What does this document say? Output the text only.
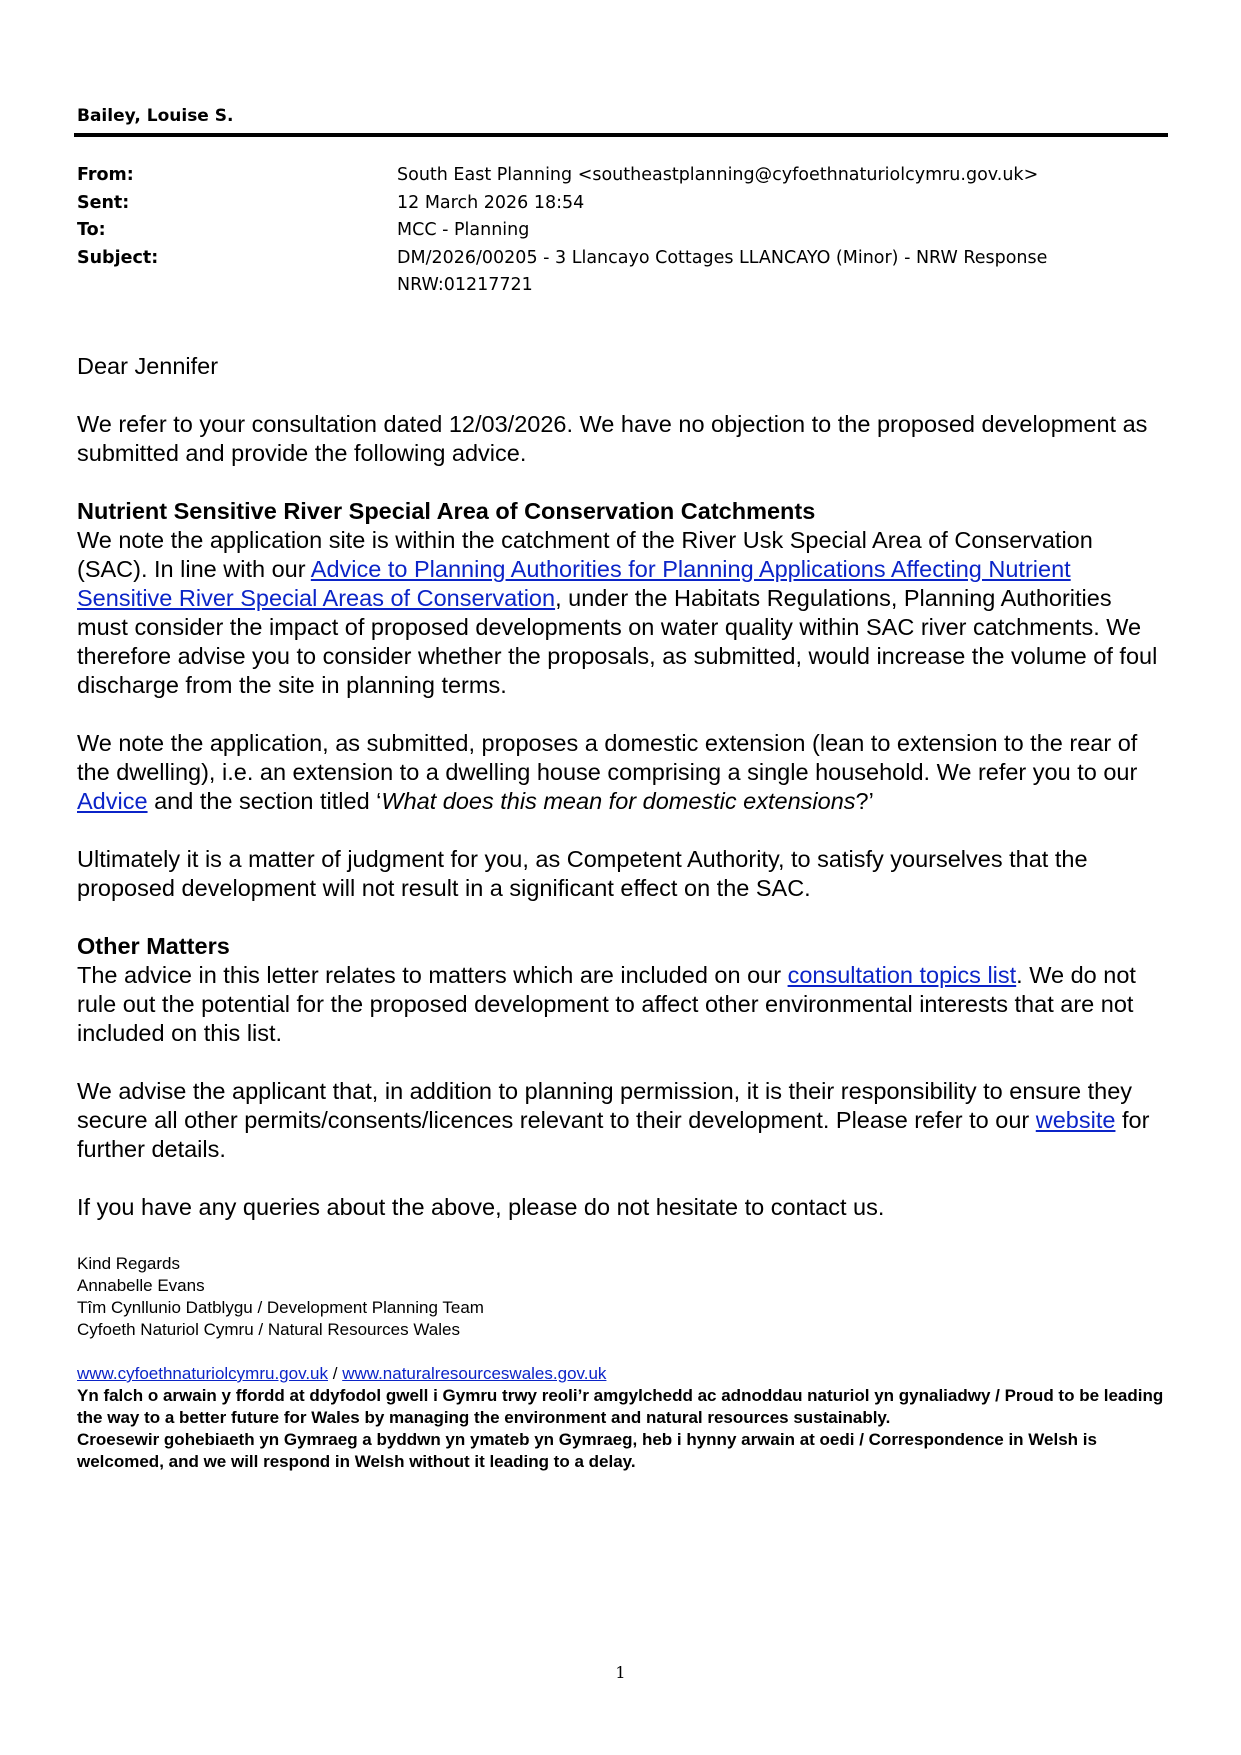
Bailey, Louise S.
From:	South East Planning <southeastplanning@cyfoethnaturiolcymru.gov.uk>
Sent:	12 March 2026 18:54
To:	MCC - Planning
Subject:	DM/2026/00205 - 3 Llancayo Cottages LLANCAYO (Minor) - NRW Response
NRW:01217721

Dear Jennifer

We refer to your consultation dated 12/03/2026. We have no objection to the proposed development as submitted and provide the following advice.

Nutrient Sensitive River Special Area of Conservation Catchments

We note the application site is within the catchment of the River Usk Special Area of Conservation (SAC). In line with our Advice to Planning Authorities for Planning Applications Affecting Nutrient Sensitive River Special Areas of Conservation, under the Habitats Regulations, Planning Authorities must consider the impact of proposed developments on water quality within SAC river catchments. We therefore advise you to consider whether the proposals, as submitted, would increase the volume of foul discharge from the site in planning terms.

We note the application, as submitted, proposes a domestic extension (lean to extension to the rear of the dwelling), i.e. an extension to a dwelling house comprising a single household. We refer you to our Advice and the section titled ‘What does this mean for domestic extensions?’

Ultimately it is a matter of judgment for you, as Competent Authority, to satisfy yourselves that the proposed development will not result in a significant effect on the SAC.

Other Matters

The advice in this letter relates to matters which are included on our consultation topics list. We do not rule out the potential for the proposed development to affect other environmental interests that are not included on this list.

We advise the applicant that, in addition to planning permission, it is their responsibility to ensure they secure all other permits/consents/licences relevant to their development. Please refer to our website for further details.

If you have any queries about the above, please do not hesitate to contact us.

Kind Regards
Annabelle Evans
Tîm Cynllunio Datblygu / Development Planning Team
Cyfoeth Naturiol Cymru / Natural Resources Wales
www.cyfoethnaturiolcymru.gov.uk / www.naturalresourceswales.gov.uk
Yn falch o arwain y ffordd at ddyfodol gwell i Gymru trwy reoli’r amgylchedd ac adnoddau naturiol yn gynaliadwy / Proud to be leading the way to a better future for Wales by managing the environment and natural resources sustainably.
Croesewir gohebiaeth yn Gymraeg a byddwn yn ymateb yn Gymraeg, heb i hynny arwain at oedi / Correspondence in Welsh is welcomed, and we will respond in Welsh without it leading to a delay.
1
